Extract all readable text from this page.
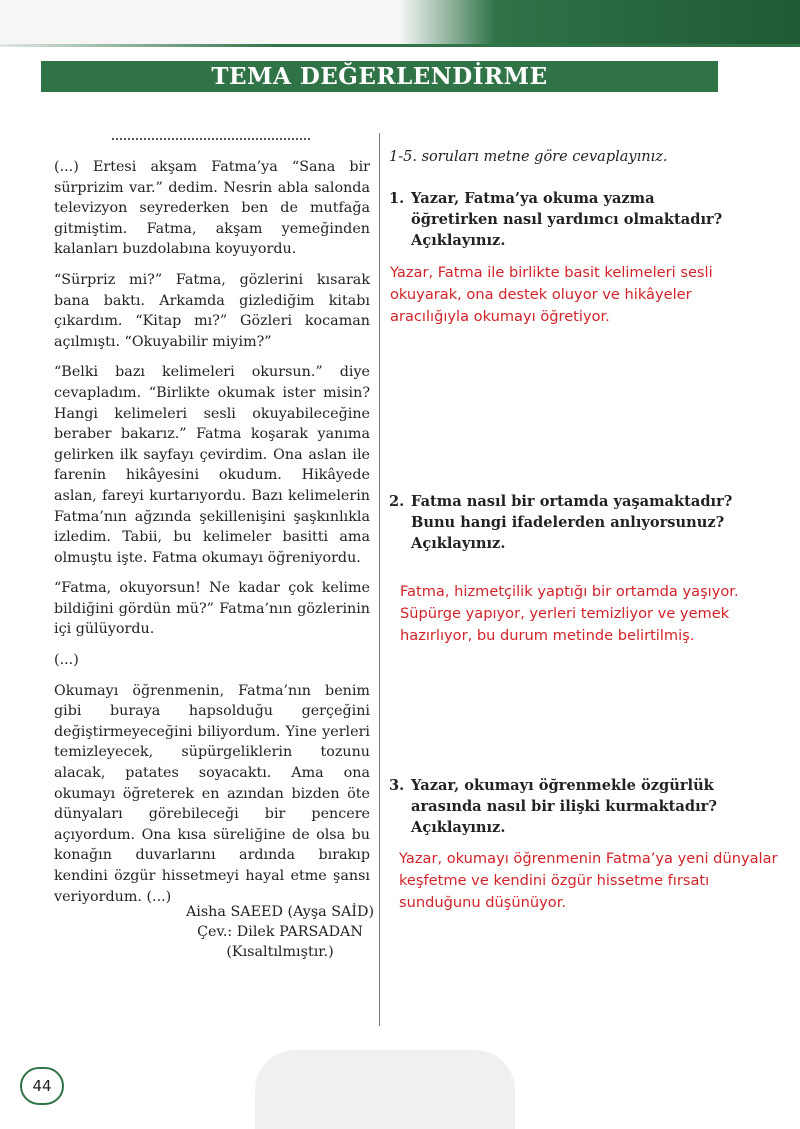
TEMA DEĞERLENDİRME

(...) Ertesi akşam Fatma’ya “Sana bir sürprizim var.” dedim. Nesrin abla salonda televizyon seyrederken ben de mutfağa gitmiştim. Fatma, akşam yemeğinden kalanları buzdolabına koyuyordu.

“Sürpriz mi?” Fatma, gözlerini kısarak bana baktı. Arkamda gizlediğim kitabı çıkardım. “Kitap mı?” Gözleri kocaman açılmıştı. “Okuyabilir miyim?”

“Belki bazı kelimeleri okursun.” diye cevapladım. “Birlikte okumak ister misin? Hangi kelimeleri sesli okuyabileceğine beraber bakarız.” Fatma koşarak yanıma gelirken ilk sayfayı çevirdim. Ona aslan ile farenin hikâyesini okudum. Hikâyede aslan, fareyi kurtarıyordu. Bazı kelimelerin Fatma’nın ağzında şekillenişini şaşkınlıkla izledim. Tabii, bu kelimeler basitti ama olmuştu işte. Fatma okumayı öğreniyordu.

“Fatma, okuyorsun! Ne kadar çok kelime bildiğini gördün mü?” Fatma’nın gözlerinin içi gülüyordu.

(...)

Okumayı öğrenmenin, Fatma’nın benim gibi buraya hapsolduğu gerçeğini değiştirmeyeceğini biliyordum. Yine yerleri temizleyecek, süpürgeliklerin tozunu alacak, patates soyacaktı. Ama ona okumayı öğreterek en azından bizden öte dünyaları görebileceği bir pencere açıyordum. Ona kısa süreliğine de olsa bu konağın duvarlarını ardında bırakıp kendini özgür hissetmeyi hayal etme şansı veriyordum. (...)

Aisha SAEED (Ayşa SAİD)
Çev.: Dilek PARSADAN
(Kısaltılmıştır.)
1-5. soruları metne göre cevaplayınız.
1. Yazar, Fatma’ya okuma yazma öğretirken nasıl yardımcı olmaktadır? Açıklayınız.
Yazar, Fatma ile birlikte basit kelimeleri sesli okuyarak, ona destek oluyor ve hikâyeler aracılığıyla okumayı öğretiyor.
2. Fatma nasıl bir ortamda yaşamaktadır? Bunu hangi ifadelerden anlıyorsunuz? Açıklayınız.
Fatma, hizmetçilik yaptığı bir ortamda yaşıyor. Süpürge yapıyor, yerleri temizliyor ve yemek hazırlıyor, bu durum metinde belirtilmiş.
3. Yazar, okumayı öğrenmekle özgürlük arasında nasıl bir ilişki kurmaktadır? Açıklayınız.
Yazar, okumayı öğrenmenin Fatma’ya yeni dünyalar keşfetme ve kendini özgür hissetme fırsatı sunduğunu düşünüyor.
44
